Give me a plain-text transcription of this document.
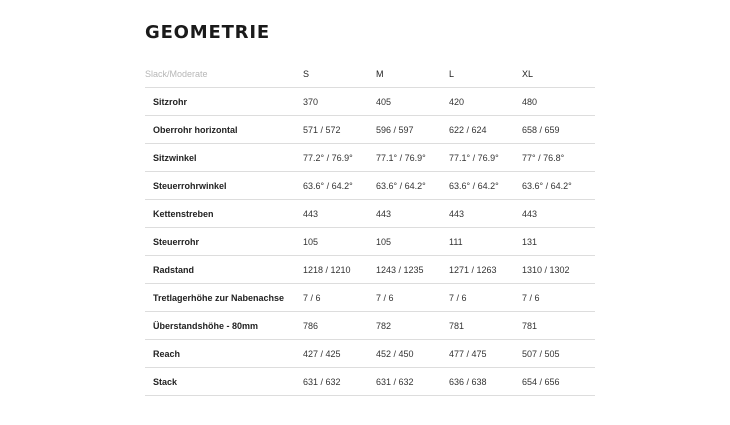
GEOMETRIE
Slack/Moderate	S	M	L	XL
Sitzrohr	370	405	420	480
Oberrohr horizontal	571 / 572	596 / 597	622 / 624	658 / 659
Sitzwinkel	77.2° / 76.9°	77.1° / 76.9°	77.1° / 76.9°	77° / 76.8°
Steuerrohrwinkel	63.6° / 64.2°	63.6° / 64.2°	63.6° / 64.2°	63.6° / 64.2°
Kettenstreben	443	443	443	443
Steuerrohr	105	105	111	131
Radstand	1218 / 1210	1243 / 1235	1271 / 1263	1310 / 1302
Tretlagerhöhe zur Nabenachse	7 / 6	7 / 6	7 / 6	7 / 6
Überstandshöhe - 80mm	786	782	781	781
Reach	427 / 425	452 / 450	477 / 475	507 / 505
Stack	631 / 632	631 / 632	636 / 638	654 / 656
